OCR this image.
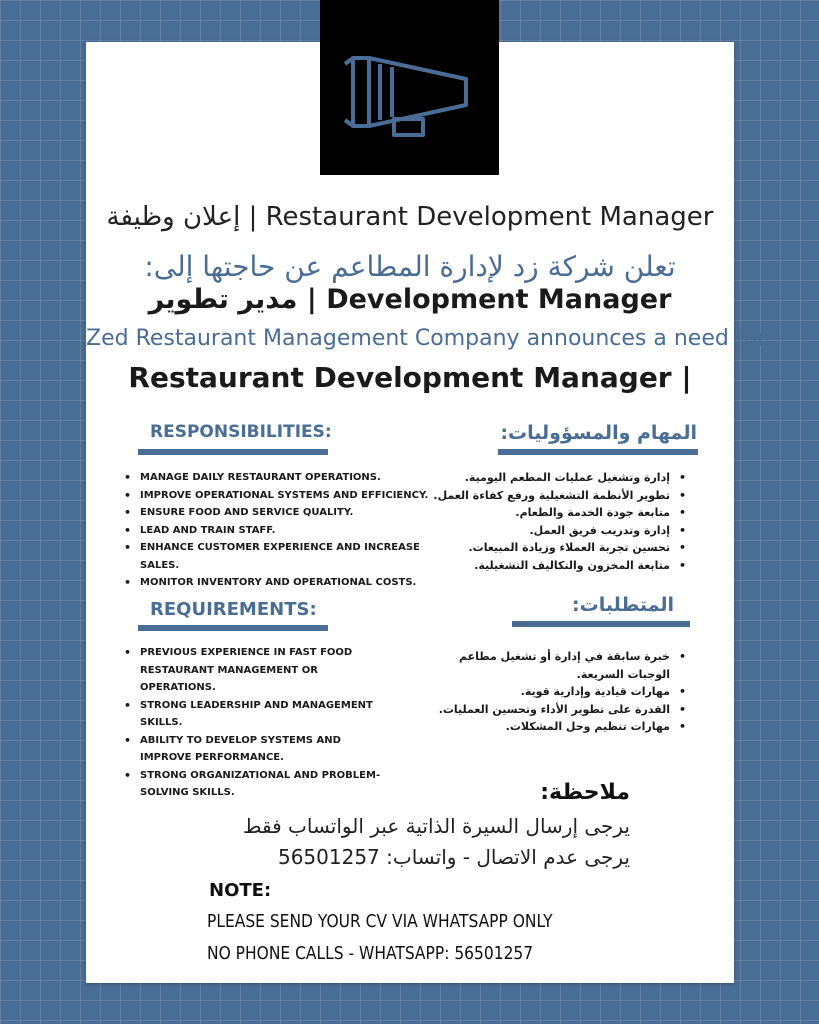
إعلان وظيفة | Restaurant Development Manager
تعلن شركة زد لإدارة المطاعم عن حاجتها إلى:
مدير تطوير | Development Manager
Zed Restaurant Management Company announces a need for:
Restaurant Development Manager |
RESPONSIBILITIES:	المهام والمسؤوليات:
• MANAGE DAILY RESTAURANT OPERATIONS.
• IMPROVE OPERATIONAL SYSTEMS AND EFFICIENCY.
• ENSURE FOOD AND SERVICE QUALITY.
• LEAD AND TRAIN STAFF.
• ENHANCE CUSTOMER EXPERIENCE AND INCREASE SALES.
• MONITOR INVENTORY AND OPERATIONAL COSTS.
• إدارة وتشغيل عمليات المطعم اليومية.
• تطوير الأنظمة التشغيلية ورفع كفاءة العمل.
• متابعة جودة الخدمة والطعام.
• إدارة وتدريب فريق العمل.
• تحسين تجربة العملاء وزيادة المبيعات.
• متابعة المخزون والتكاليف التشغيلية.
REQUIREMENTS:	المتطلبات:
• PREVIOUS EXPERIENCE IN FAST FOOD RESTAURANT MANAGEMENT OR OPERATIONS.
• STRONG LEADERSHIP AND MANAGEMENT SKILLS.
• ABILITY TO DEVELOP SYSTEMS AND IMPROVE PERFORMANCE.
• STRONG ORGANIZATIONAL AND PROBLEM-SOLVING SKILLS.
• خبرة سابقة في إدارة أو تشغيل مطاعم الوجبات السريعة.
• مهارات قيادية وإدارية قوية.
• القدرة على تطوير الأداء وتحسين العمليات.
• مهارات تنظيم وحل المشكلات.
ملاحظة:
يرجى إرسال السيرة الذاتية عبر الواتساب فقط
يرجى عدم الاتصال - واتساب: 56501257
NOTE:
PLEASE SEND YOUR CV VIA WHATSAPP ONLY
NO PHONE CALLS - WHATSAPP: 56501257
